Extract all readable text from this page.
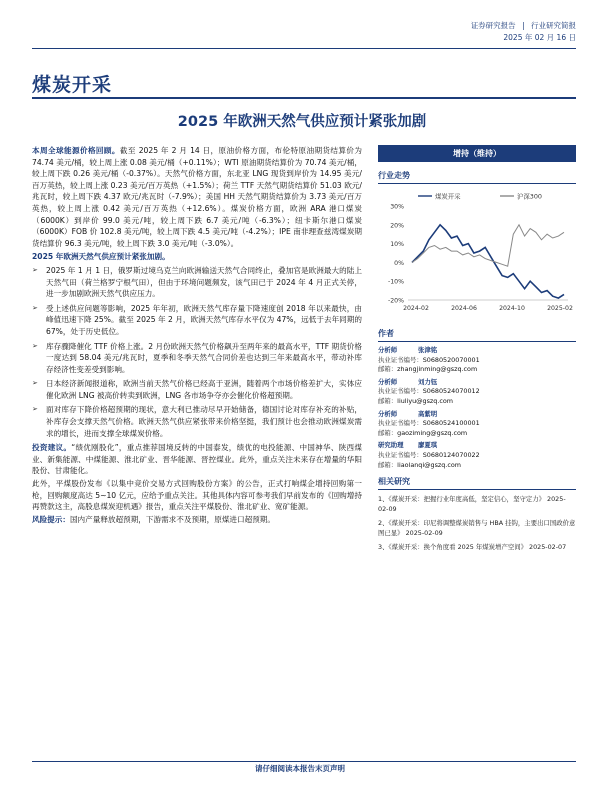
证券研究报告 | 行业研究简报
2025 年 02 月 16 日
煤炭开采
2025 年欧洲天然气供应预计紧张加剧

本周全球能源价格回顾。截至 2025 年 2 月 14 日，原油价格方面，布伦特原油期货结算价为 74.74 美元/桶，较上周上涨 0.08 美元/桶（+0.11%）；WTI 原油期货结算价为 70.74 美元/桶，较上周下跌 0.26 美元/桶（-0.37%）。天然气价格方面，东北亚 LNG 现货到岸价为 14.95 美元/百万英热，较上周上涨 0.23 美元/百万英热（+1.5%）；荷兰 TTF 天然气期货结算价 51.03 欧元/兆瓦时，较上周下跌 4.37 欧元/兆瓦时（-7.9%）；美国 HH 天然气期货结算价为 3.73 美元/百万英热，较上周上涨 0.42 美元/百万英热（+12.6%）。煤炭价格方面，欧洲 ARA 港口煤炭（6000K）到岸价 99.0 美元/吨，较上周下跌 6.7 美元/吨（-6.3%）；纽卡斯尔港口煤炭（6000K）FOB 价 102.8 美元/吨，较上周下跌 4.5 美元/吨（-4.2%）；IPE 南非理查兹湾煤炭期货结算价 96.3 美元/吨，较上周下跌 3.0 美元/吨（-3.0%）。

2025 年欧洲天然气供应预计紧张加剧。
➢ 2025 年 1 月 1 日，俄罗斯过境乌克兰向欧洲输送天然气合同终止，叠加官是欧洲最大的陆上天然气田（荷兰格罗宁根气田），但由于环境问题频发，该气田已于 2024 年 4 月正式关停，进一步加剧欧洲天然气供应压力。
➢ 受上述供应问题等影响，2025 年年初，欧洲天然气库存量下降速度创 2018 年以来最快，由峰值迅速下降 25%。截至 2025 年 2 月，欧洲天然气库存水平仅为 47%，远低于去年同期的 67%，处于历史低位。
➢ 库存骤降催化 TTF 价格上涨。2 月份欧洲天然气价格飙升至两年来的最高水平，TTF 期货价格一度达到 58.04 美元/兆瓦时，夏季和冬季天然气合同价差也达到三年来最高水平，带动补库存经济性变差受到影响。
➢ 日本经济新闻报道称，欧洲当前天然气价格已经高于亚洲，随着两个市场价格差扩大，实体应催化欧洲 LNG 被高价转卖到欧洲，LNG 各市场争夺亦会催化价格超预期。
➢ 面对库存下降价格超预期的现状，意大利已推动尽早开始储备，德国讨论对库存补充的补贴，补库存会支撑天然气价格。欧洲天然气供应紧张带来价格坚挺，我们预计也会推动欧洲煤炭需求的增长，进而支撑全球煤炭价格。

投资建议。“绩优刚股化”，重点推荐国境反转的中国泰发，绩优的电投能源、中国神华、陕西煤业、新集能源、中煤能源、淮北矿业、晋华能源、晋控煤业。此外，重点关注未来存在增量的华阳股份、甘肃能化。

此外，平煤股份发布《以集中竞价交易方式回购股份方案》的公告，正式打响煤企增持回购第一枪，回购额度高达 5~10 亿元，应给予重点关注。其他具体内容可参考我们早前发布的《回购增持再赞款这主，高股息煤炭迎机遇》报告，重点关注平煤股份、淮北矿业、宽矿能源。

风险提示：国内产量释放超预期，下游需求不及预期，原煤进口超预期。

增持（维持）
行业走势
30%
20%
10%
0%
-10%
-20%
2024-02	2024-06	2024-10	2025-02
煤炭开采	沪深300
作者
分析师	张津铭
执业证书编号：S0680520070001
邮箱：zhangjinming@gszq.com
分析师	刘力钰
执业证书编号：S0680524070012
邮箱：liuliyu@gszq.com
分析师	高紫明
执业证书编号：S0680524100001
邮箱：gaoziming@gszq.com
研究助理 廖夏琪
执业证书编号：S0680124070022
邮箱：liaolanqi@gszq.com
相关研究
1、《煤炭开采：把握行业年度高低，坚定信心，坚守定力》 2025-02-09
2、《煤炭开采：印尼将调整煤炭销售与 HBA 挂钩，主要出口国政价意图已显》 2025-02-09
3、《煤炭开采：换个角度看 2025 年煤炭增产空间》 2025-02-07
请仔细阅读本报告末页声明
